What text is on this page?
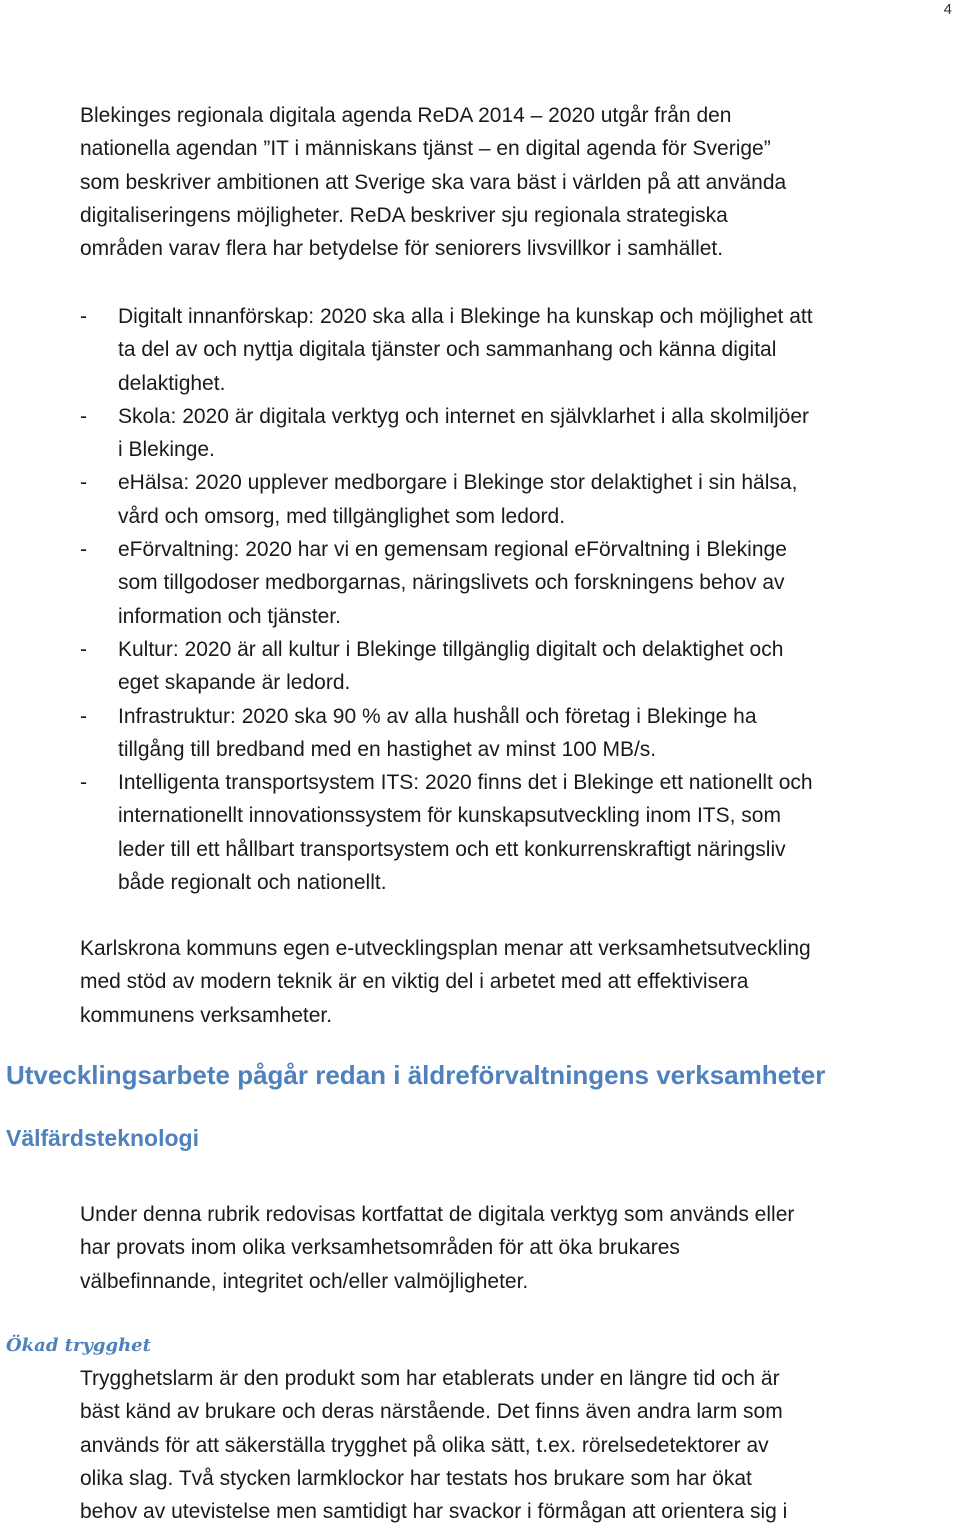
4

Blekinges regionala digitala agenda ReDA 2014 – 2020 utgår från den
nationella agendan ”IT i människans tjänst – en digital agenda för Sverige”
som beskriver ambitionen att Sverige ska vara bäst i världen på att använda
digitaliseringens möjligheter. ReDA beskriver sju regionala strategiska
områden varav flera har betydelse för seniorers livsvillkor i samhället.

- Digitalt innanförskap: 2020 ska alla i Blekinge ha kunskap och möjlighet att
ta del av och nyttja digitala tjänster och sammanhang och känna digital
delaktighet.
- Skola: 2020 är digitala verktyg och internet en självklarhet i alla skolmiljöer
i Blekinge.
- eHälsa: 2020 upplever medborgare i Blekinge stor delaktighet i sin hälsa,
vård och omsorg, med tillgänglighet som ledord.
- eFörvaltning: 2020 har vi en gemensam regional eFörvaltning i Blekinge
som tillgodoser medborgarnas, näringslivets och forskningens behov av
information och tjänster.
- Kultur: 2020 är all kultur i Blekinge tillgänglig digitalt och delaktighet och
eget skapande är ledord.
- Infrastruktur: 2020 ska 90 % av alla hushåll och företag i Blekinge ha
tillgång till bredband med en hastighet av minst 100 MB/s.
- Intelligenta transportsystem ITS: 2020 finns det i Blekinge ett nationellt och
internationellt innovationssystem för kunskapsutveckling inom ITS, som
leder till ett hållbart transportsystem och ett konkurrenskraftigt näringsliv
både regionalt och nationellt.

Karlskrona kommuns egen e-utvecklingsplan menar att verksamhetsutveckling
med stöd av modern teknik är en viktig del i arbetet med att effektivisera
kommunens verksamheter.

Utvecklingsarbete pågår redan i äldreförvaltningens verksamheter
Välfärdsteknologi

Under denna rubrik redovisas kortfattat de digitala verktyg som används eller
har provats inom olika verksamhetsområden för att öka brukares
välbefinnande, integritet och/eller valmöjligheter.

Ökad trygghet

Trygghetslarm är den produkt som har etablerats under en längre tid och är
bäst känd av brukare och deras närstående. Det finns även andra larm som
används för att säkerställa trygghet på olika sätt, t.ex. rörelsedetektorer av
olika slag. Två stycken larmklockor har testats hos brukare som har ökat
behov av utevistelse men samtidigt har svackor i förmågan att orientera sig i
